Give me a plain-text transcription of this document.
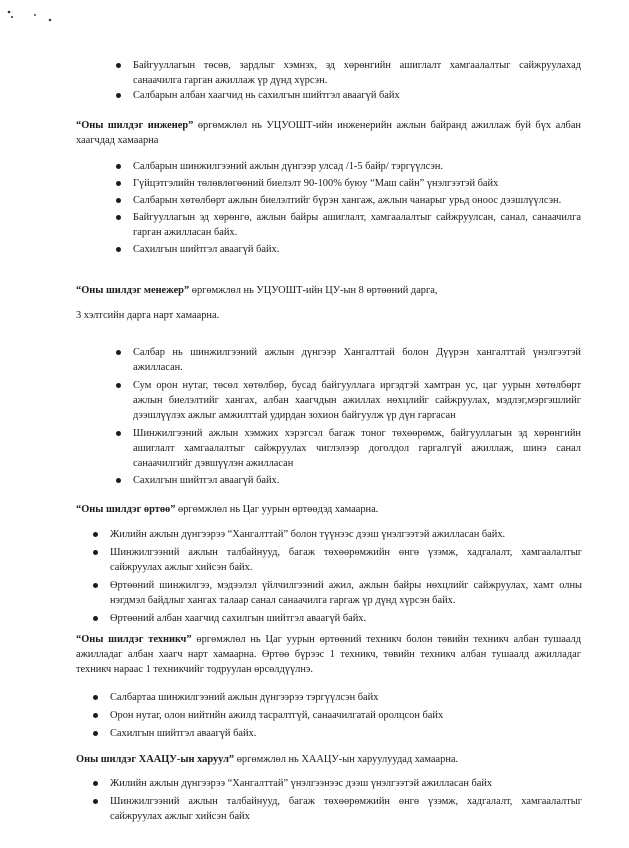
Байгууллагын төсөв, зардлыг хэмнэх, эд хөрөнгийн ашиглалт хамгаалалтыг сайжруулахад санаачилга гарган ажиллаж үр дүнд хүрсэн.
Салбарын албан хаагчид нь сахилгын шийтгэл аваагүй байх
“Оны шилдэг инженер” өргөмжлөл нь УЦУОШТ-ийн инженерийн ажлын байранд ажиллаж буй бүх албан хаагчдад хамаарна
Салбарын шинжилгээний ажлын дүнгээр улсад /1-5 байр/ тэргүүлсэн.
Гүйцэтгэлийн төлөвлөгөөний биелэлт 90-100% буюу “Маш сайн” үнэлгээтэй байх
Салбарын хөтөлбөрт ажлын биелэлтийг бүрэн хангаж, ажлын чанарыг урьд оноос дээшлүүлсэн.
Байгууллагын эд хөрөнгө, ажлын байры ашиглалт, хамгаалалтыг сайжруулсан, санал, санаачилга гарган ажилласан байх.
Сахилгын шийтгэл аваагүй байх.
“Оны шилдэг менежер” өргөмжлөл нь УЦУОШТ-ийн ЦУ-ын 8 өртөөний дарга,
3 хэлтсийн дарга нарт хамаарна.
Салбар нь шинжилгээний ажлын дүнгээр Хангалттай болон Дүүрэн хангалттай үнэлгээтэй ажилласан.
Сум орон нутаг, төсөл хөтөлбөр, бусад байгууллага иргэдтэй хамтран ус, цаг уурын хөтөлбөрт ажлын биелэлтийг хангах, албан хаагчдын ажиллах нөхцлийг сайжруулах, мэдлэг,мэргэшлийг дээшлүүлэх ажлыг амжилттай удирдан зохион байгуулж үр дүн гаргасан
Шинжилгээний ажлын хэмжих хэрэгсэл багаж тоног төхөөрөмж, байгууллагын эд хөрөнгийн ашиглалт хамгаалалтыг сайжруулах чиглэлээр доголдол гаргалгүй ажиллаж, шинэ санал санаачилгийг дэвшүүлэн ажилласан
Сахилгын шийтгэл аваагүй байх.
“Оны шилдэг өртөө” өргөмжлөл нь Цаг уурын өртөөдэд хамаарна.
Жилийн ажлын дүнгээрээ “Хангалттай” болон түүнээс дээш үнэлгээтэй ажилласан байх.
Шинжилгээний ажлын талбайнууд, багаж төхөөрөмжийн өнгө үзэмж, хадгалалт, хамгаалалтыг сайжруулах ажлыг хийсэн байх.
Өртөөний шинжилгээ, мэдээлэл үйлчилгээний ажил, ажлын байры нөхцлийг сайжруулах, хамт олны нэгдмэл байдлыг хангах талаар санал санаачилга гаргаж үр дүнд хүрсэн байх.
Өртөөний албан хаагчид сахилгын шийтгэл аваагүй байх.
“Оны шилдэг техникч” өргөмжлөл нь Цаг уурын өртөөний техникч болон төвийн техникч албан тушаалд ажилладаг албан хаагч нарт хамаарна. Өртөө бүрээс 1 техникч, төвийн техникч албан тушаалд ажилладаг техникч нараас 1 техникчийг тодруулан өрсөлдүүлнэ.
Салбартаа шинжилгээний ажлын дүнгээрээ тэргүүлсэн байх
Орон нутаг, олон нийтийн ажилд тасралтгүй, санаачилгатай оролцсон байх
Сахилгын шийтгэл аваагүй байх.
Оны шилдэг ХААЦУ-ын харуул” өргөмжлөл нь ХААЦУ-ын харуулуудад хамаарна.
Жилийн ажлын дүнгээрээ “Хангалттай” үнэлгээнээс дээш үнэлгээтэй ажилласан байх
Шинжилгээний ажлын талбайнууд, багаж төхөөрөмжийн өнгө үзэмж, хадгалалт, хамгаалалтыг сайжруулах ажлыг хийсэн байх
